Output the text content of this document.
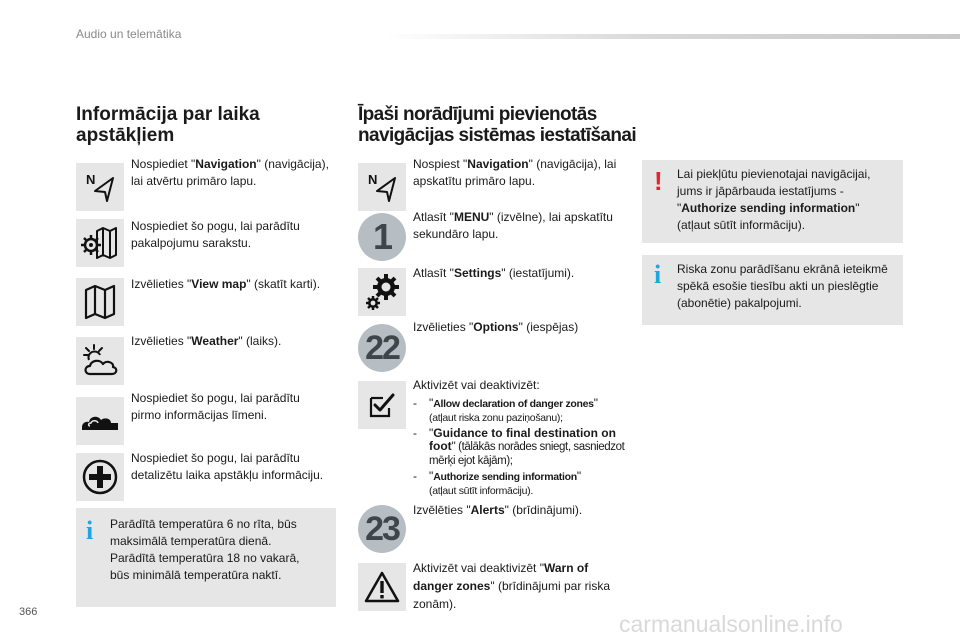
Audio un telemātika
Informācija par laika
apstākļiem
N
Nospiediet "Navigation" (navigācija), lai atvērtu primāro lapu.
Nospiediet šo pogu, lai parādītu pakalpojumu sarakstu.
Izvēlieties "View map" (skatīt karti).
Izvēlieties "Weather" (laiks).
Nospiediet šo pogu, lai parādītu pirmo informācijas līmeni.
Nospiediet šo pogu, lai parādītu detalizētu laika apstākļu informāciju.
i Parādītā temperatūra 6 no rīta, būs maksimālā temperatūra dienā. Parādītā temperatūra 18 no vakarā, būs minimālā temperatūra naktī.
Īpaši norādījumi pievienotās
navigācijas sistēmas iestatīšanai
N
Nospiest "Navigation" (navigācija), lai apskatītu primāro lapu.
1	Atlasīt "MENU" (izvēlne), lai apskatītu sekundāro lapu.
Atlasīt "Settings" (iestatījumi).
22
Izvēlieties "Options" (iespējas)
Aktivizēt vai deaktivizēt:
-	"Allow declaration of danger zones"
(atļaut riska zonu paziņošanu);
-	"Guidance to final destination on foot" (tālākās norādes sniegt, sasniedzot mērķi ejot kājām);
-	"Authorize sending information"
(atļaut sūtīt informāciju).
23	Izvēlēties "Alerts" (brīdinājumi).
Aktivizēt vai deaktivizēt "Warn of danger zones" (brīdinājumi par riska zonām).
! Lai piekļūtu pievienotajai navigācijai, jums ir jāpārbauda iestatījums - "Authorize sending information" (atļaut sūtīt informāciju).
i Riska zonu parādīšanu ekrānā ieteikmē spēkā esošie tiesību akti un pieslēgtie (abonētie) pakalpojumi.
366	carmanualsonline.info
